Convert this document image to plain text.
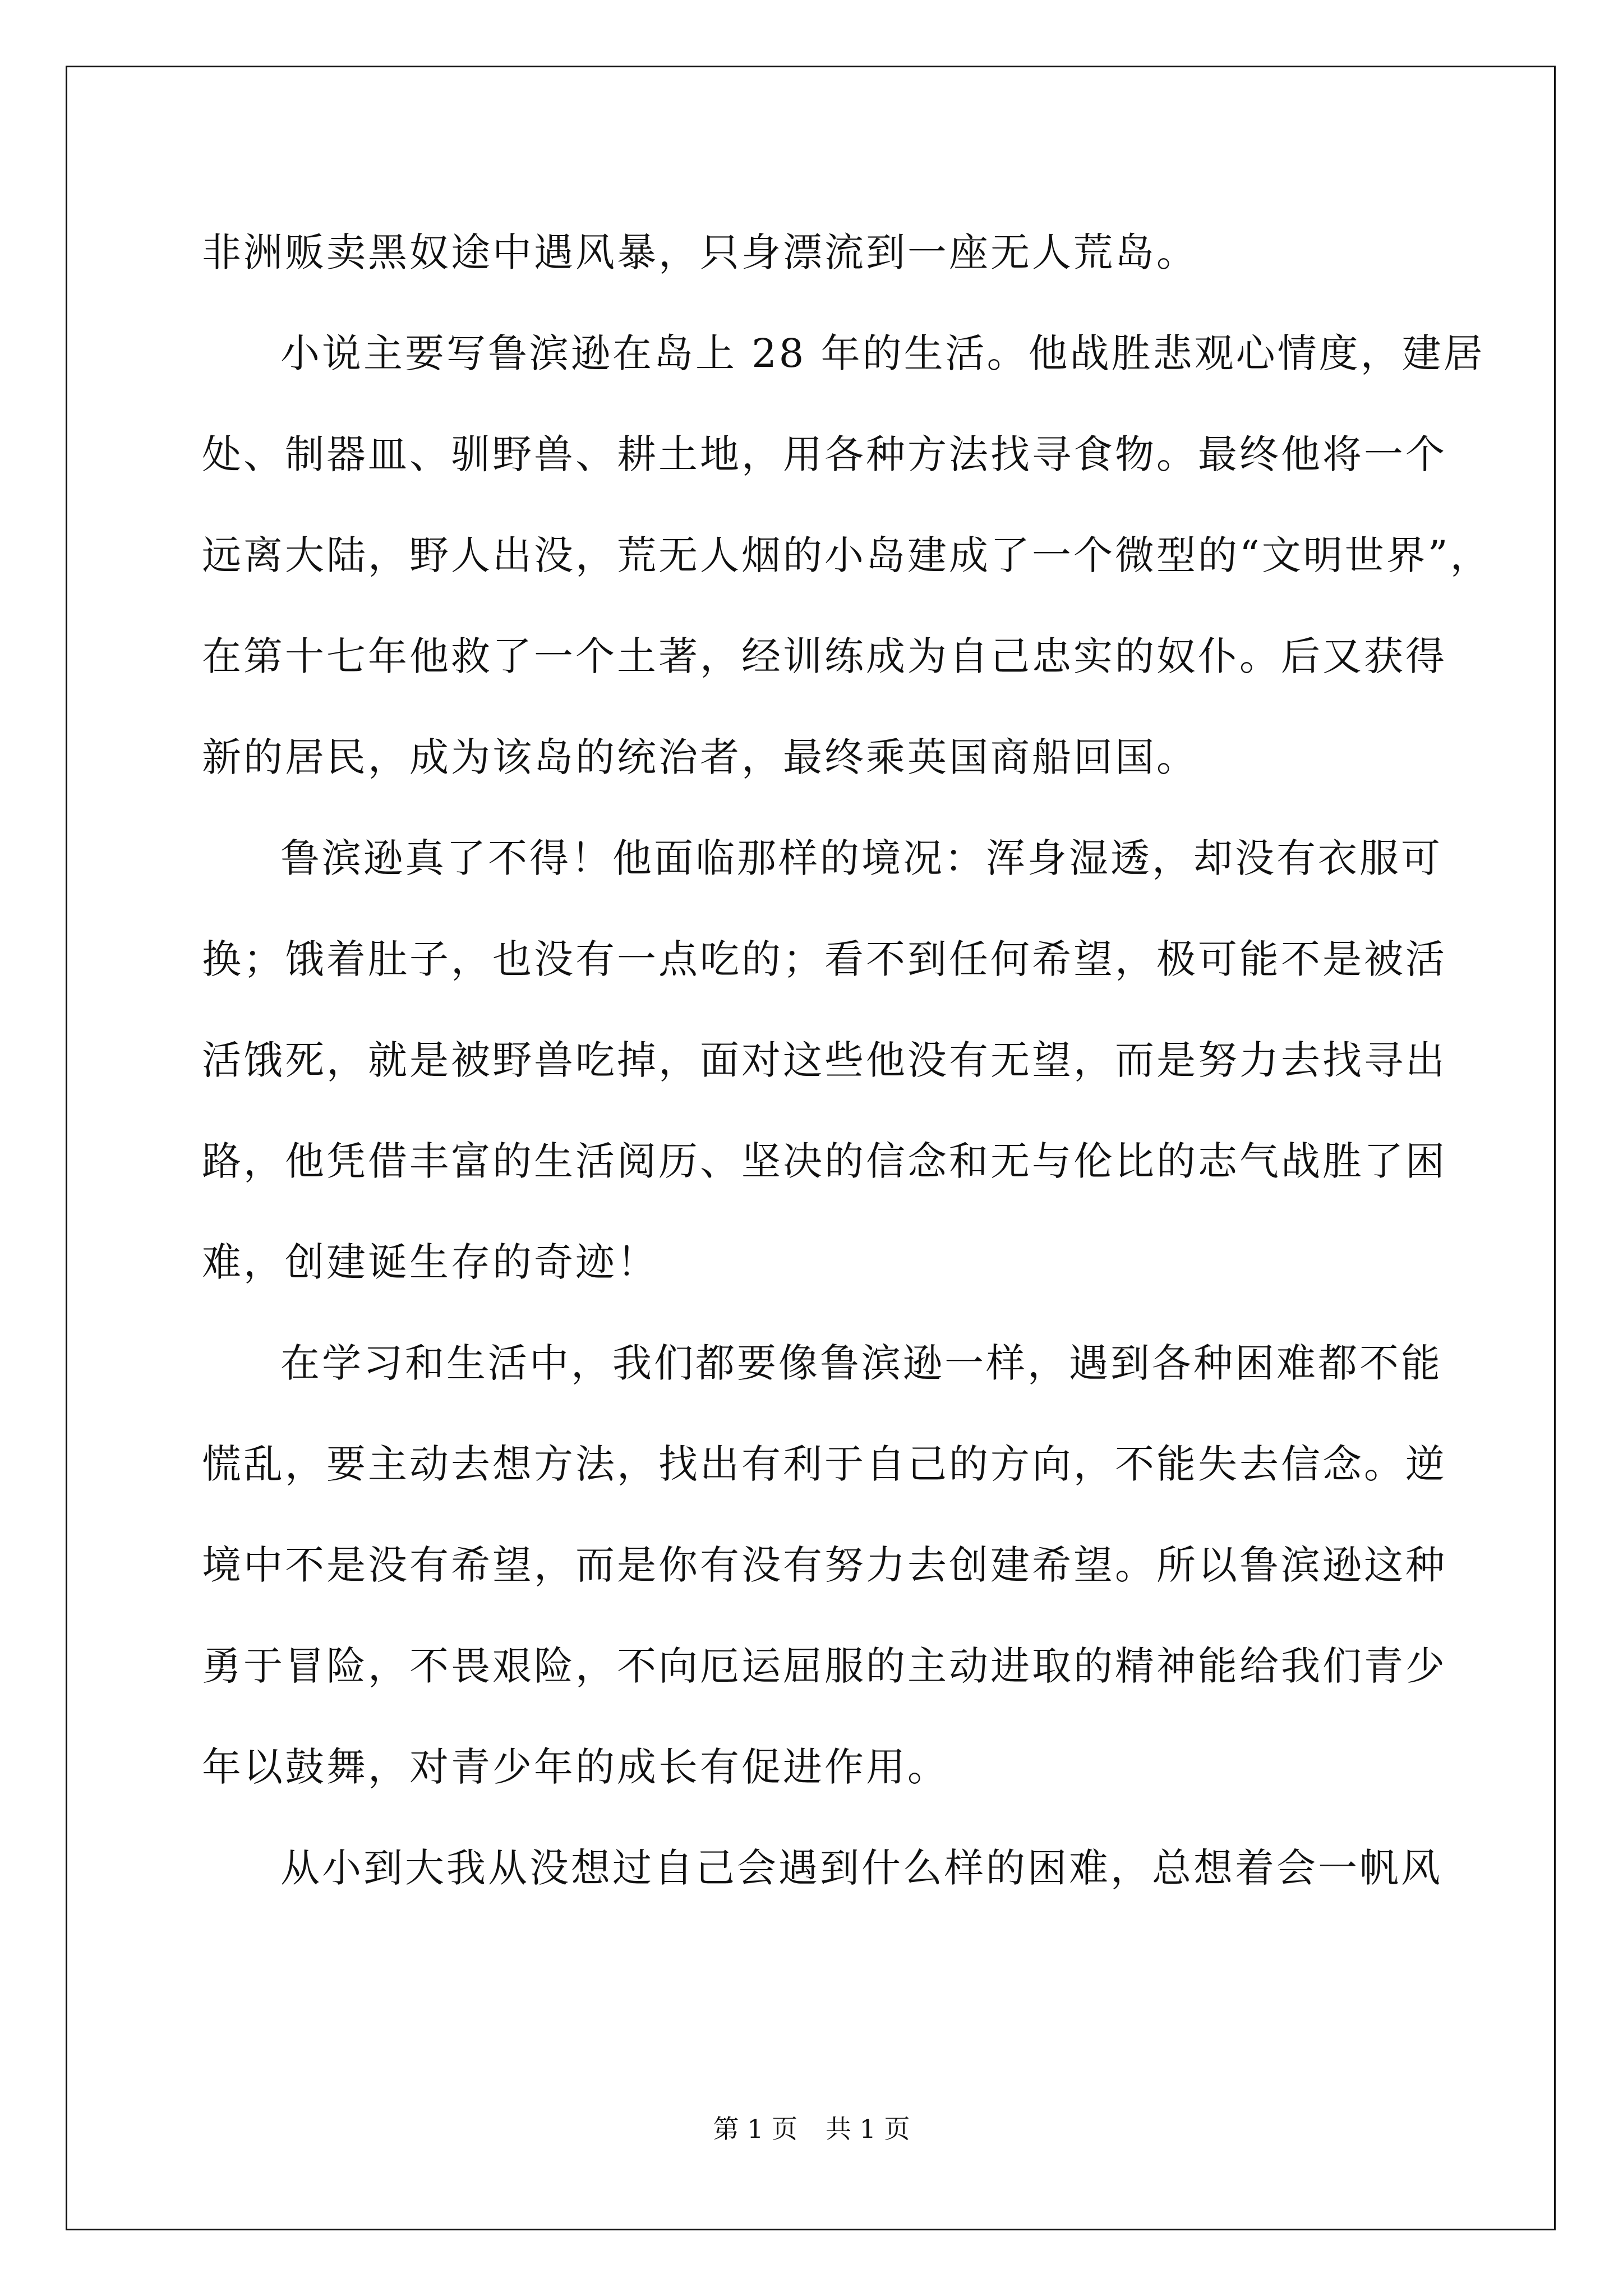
非洲贩卖黑奴途中遇风暴，只身漂流到一座无人荒岛。
小说主要写鲁滨逊在岛上 28 年的生活。他战胜悲观心情度，建居
处、制器皿、驯野兽、耕土地，用各种方法找寻食物。最终他将一个
远离大陆，野人出没，荒无人烟的小岛建成了一个微型的“文明世界”，
在第十七年他救了一个土著，经训练成为自己忠实的奴仆。后又获得
新的居民，成为该岛的统治者，最终乘英国商船回国。
鲁滨逊真了不得！他面临那样的境况：浑身湿透，却没有衣服可
换；饿着肚子，也没有一点吃的；看不到任何希望，极可能不是被活
活饿死，就是被野兽吃掉，面对这些他没有无望，而是努力去找寻出
路，他凭借丰富的生活阅历、坚决的信念和无与伦比的志气战胜了困
难，创建诞生存的奇迹！
在学习和生活中，我们都要像鲁滨逊一样，遇到各种困难都不能
慌乱，要主动去想方法，找出有利于自己的方向，不能失去信念。逆
境中不是没有希望，而是你有没有努力去创建希望。所以鲁滨逊这种
勇于冒险，不畏艰险，不向厄运屈服的主动进取的精神能给我们青少
年以鼓舞，对青少年的成长有促进作用。
从小到大我从没想过自己会遇到什么样的困难，总想着会一帆风
第 1 页 共 1 页
